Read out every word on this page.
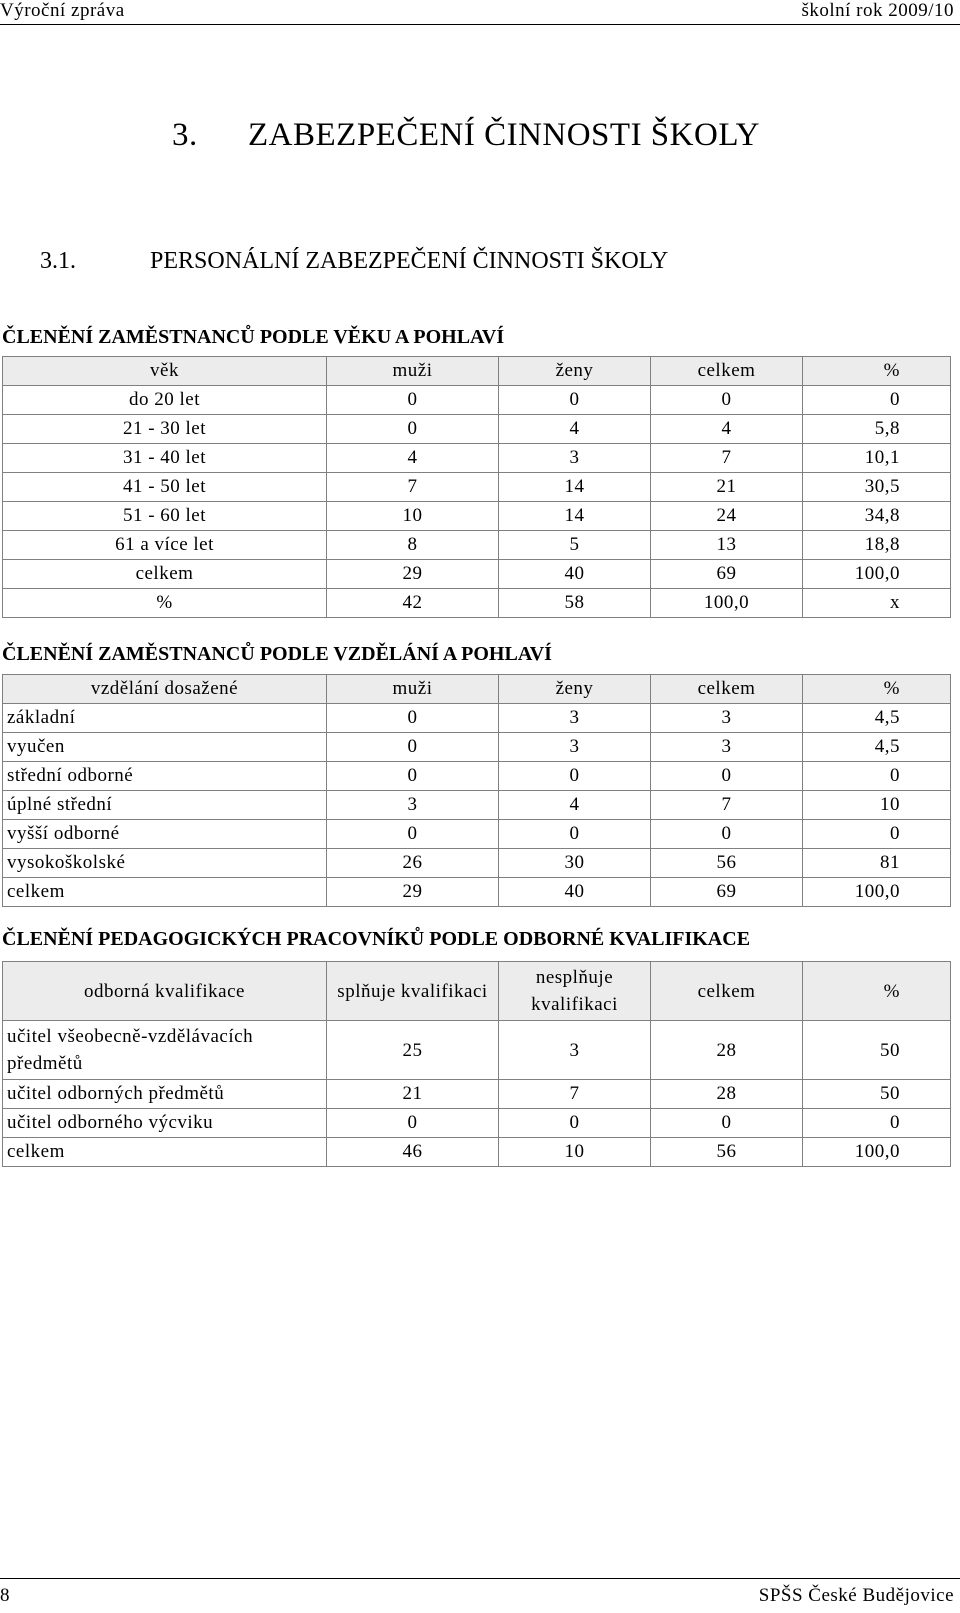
Výroční zpráva	školní rok 2009/10
3. ZABEZPEČENÍ ČINNOSTI ŠKOLY
3.1.	PERSONÁLNÍ ZABEZPEČENÍ ČINNOSTI ŠKOLY
ČLENĚNÍ ZAMĚSTNANCŮ PODLE VĚKU A POHLAVÍ
věk	muži	ženy	celkem	%
do 20 let	0	0	0	0
21 - 30 let	0	4	4	5,8
31 - 40 let	4	3	7	10,1
41 - 50 let	7	14	21	30,5
51 - 60 let	10	14	24	34,8
61 a více let	8	5	13	18,8
celkem	29	40	69	100,0
%	42	58	100,0	x
ČLENĚNÍ ZAMĚSTNANCŮ PODLE VZDĚLÁNÍ A POHLAVÍ
vzdělání dosažené	muži	ženy	celkem	%
základní	0	3	3	4,5
vyučen	0	3	3	4,5
střední odborné	0	0	0	0
úplné střední	3	4	7	10
vyšší odborné	0	0	0	0
vysokoškolské	26	30	56	81
celkem	29	40	69	100,0
ČLENĚNÍ PEDAGOGICKÝCH PRACOVNÍKŮ PODLE ODBORNÉ KVALIFIKACE
odborná kvalifikace	splňuje kvalifikaci	nesplňuje kvalifikaci	celkem	%
učitel všeobecně-vzdělávacích předmětů	25	3	28	50
učitel odborných předmětů	21	7	28	50
učitel odborného výcviku	0	0	0	0
celkem	46	10	56	100,0
8	SPŠS České Budějovice
